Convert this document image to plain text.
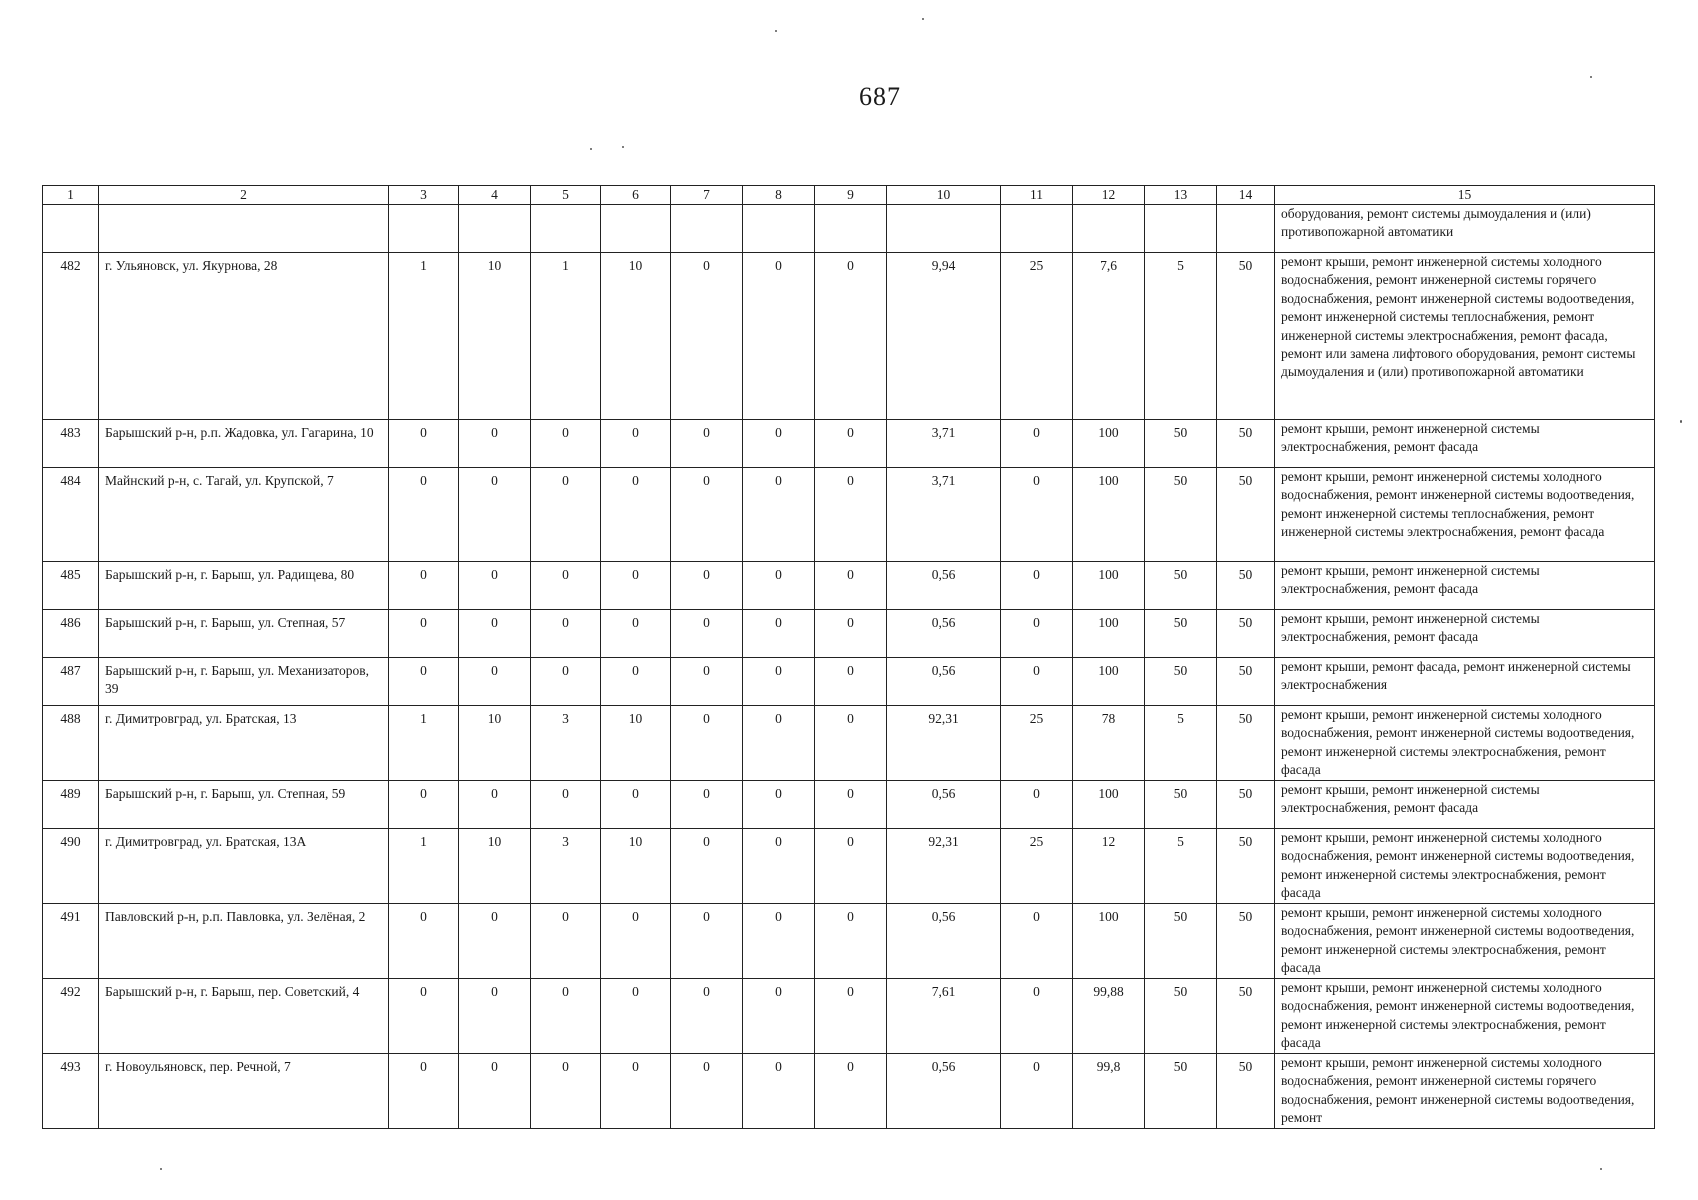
687
1	2	3	4	5	6	7	8	9	10	11	12	13	14	15
														оборудования, ремонт системы дымоудаления и (или) противопожарной автоматики
482	г. Ульяновск, ул. Якурнова, 28	1	10	1	10	0	0	0	9,94	25	7,6	5	50	ремонт крыши, ремонт инженерной системы холодного водоснабжения, ремонт инженерной системы горячего водоснабжения, ремонт инженерной системы водоотведения, ремонт инженерной системы теплоснабжения, ремонт инженерной системы электроснабжения, ремонт фасада, ремонт или замена лифтового оборудования, ремонт системы дымоудаления и (или) противопожарной автоматики
483	Барышский р-н, р.п. Жадовка, ул. Гагарина, 10	0	0	0	0	0	0	0	3,71	0	100	50	50	ремонт крыши, ремонт инженерной системы электроснабжения, ремонт фасада
484	Майнский р-н, с. Тагай, ул. Крупской, 7	0	0	0	0	0	0	0	3,71	0	100	50	50	ремонт крыши, ремонт инженерной системы холодного водоснабжения, ремонт инженерной системы водоотведения, ремонт инженерной системы теплоснабжения, ремонт инженерной системы электроснабжения, ремонт фасада
485	Барышский р-н, г. Барыш, ул. Радищева, 80	0	0	0	0	0	0	0	0,56	0	100	50	50	ремонт крыши, ремонт инженерной системы электроснабжения, ремонт фасада
486	Барышский р-н, г. Барыш, ул. Степная, 57	0	0	0	0	0	0	0	0,56	0	100	50	50	ремонт крыши, ремонт инженерной системы электроснабжения, ремонт фасада
487	Барышский р-н, г. Барыш, ул. Механизаторов, 39	0	0	0	0	0	0	0	0,56	0	100	50	50	ремонт крыши, ремонт фасада, ремонт инженерной системы электроснабжения
488	г. Димитровград, ул. Братская, 13	1	10	3	10	0	0	0	92,31	25	78	5	50	ремонт крыши, ремонт инженерной системы холодного водоснабжения, ремонт инженерной системы водоотведения, ремонт инженерной системы электроснабжения, ремонт фасада
489	Барышский р-н, г. Барыш, ул. Степная, 59	0	0	0	0	0	0	0	0,56	0	100	50	50	ремонт крыши, ремонт инженерной системы электроснабжения, ремонт фасада
490	г. Димитровград, ул. Братская, 13А	1	10	3	10	0	0	0	92,31	25	12	5	50	ремонт крыши, ремонт инженерной системы холодного водоснабжения, ремонт инженерной системы водоотведения, ремонт инженерной системы электроснабжения, ремонт фасада
491	Павловский р-н, р.п. Павловка, ул. Зелёная, 2	0	0	0	0	0	0	0	0,56	0	100	50	50	ремонт крыши, ремонт инженерной системы холодного водоснабжения, ремонт инженерной системы водоотведения, ремонт инженерной системы электроснабжения, ремонт фасада
492	Барышский р-н, г. Барыш, пер. Советский, 4	0	0	0	0	0	0	0	7,61	0	99,88	50	50	ремонт крыши, ремонт инженерной системы холодного водоснабжения, ремонт инженерной системы водоотведения, ремонт инженерной системы электроснабжения, ремонт фасада
493	г. Новоульяновск, пер. Речной, 7	0	0	0	0	0	0	0	0,56	0	99,8	50	50	ремонт крыши, ремонт инженерной системы холодного водоснабжения, ремонт инженерной системы горячего водоснабжения, ремонт инженерной системы водоотведения, ремонт
